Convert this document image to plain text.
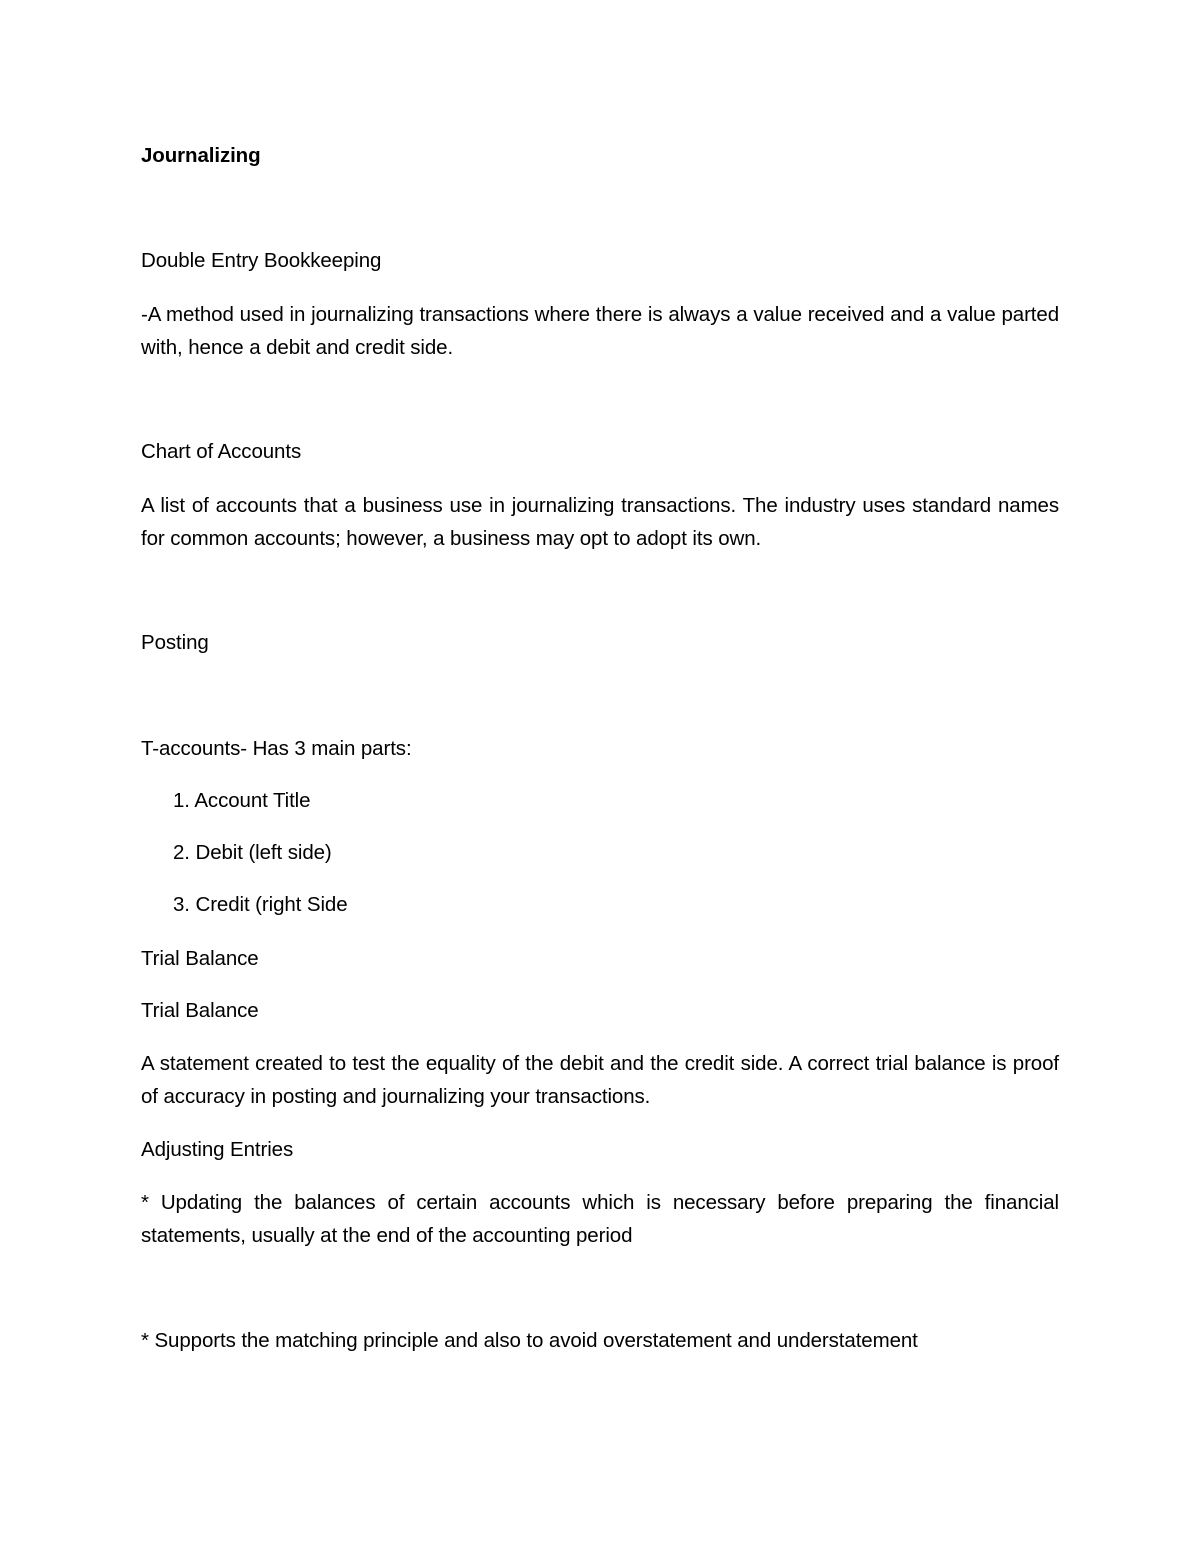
Journalizing
Double Entry Bookkeeping
-A method used in journalizing transactions where there is always a value received and a value parted with, hence a debit and credit side.
Chart of Accounts
A list of accounts that a business use in journalizing transactions. The industry uses standard names for common accounts; however, a business may opt to adopt its own.
Posting
T-accounts- Has 3 main parts:
1. Account Title
2. Debit (left side)
3. Credit (right Side
Trial Balance
Trial Balance
A statement created to test the equality of the debit and the credit side. A correct trial balance is proof of accuracy in posting and journalizing your transactions.
Adjusting Entries
* Updating the balances of certain accounts which is necessary before preparing the financial statements, usually at the end of the accounting period
* Supports the matching principle and also to avoid overstatement and understatement
